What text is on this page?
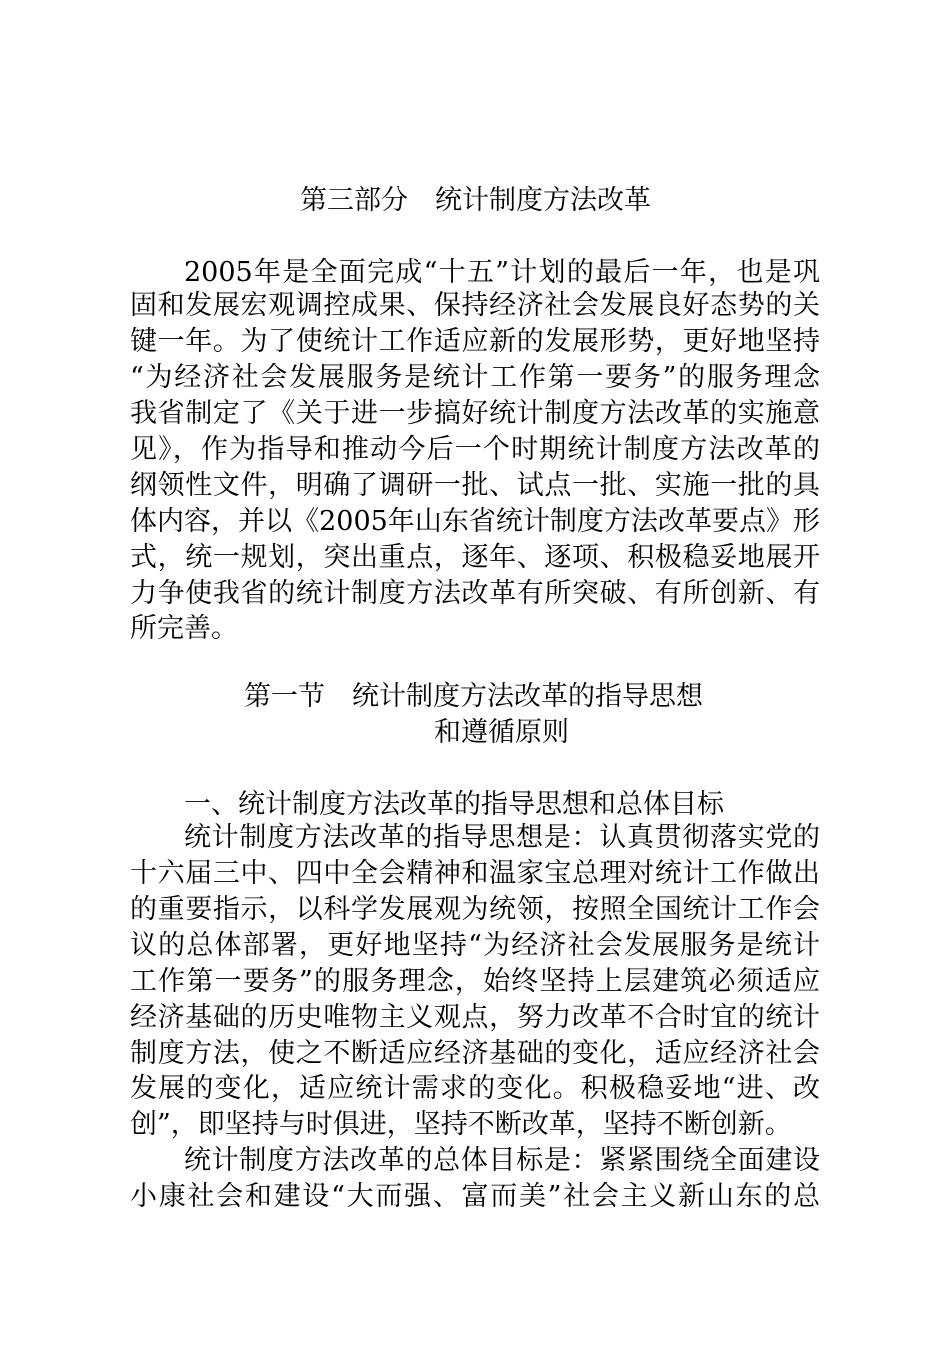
第三部分　统计制度方法改革
2005年是全面完成“十五”计划的最后一年，也是巩
固和发展宏观调控成果、保持经济社会发展良好态势的关
键一年。为了使统计工作适应新的发展形势，更好地坚持
“为经济社会发展服务是统计工作第一要务”的服务理念
我省制定了《关于进一步搞好统计制度方法改革的实施意
见》，作为指导和推动今后一个时期统计制度方法改革的
纲领性文件，明确了调研一批、试点一批、实施一批的具
体内容，并以《2005年山东省统计制度方法改革要点》形
式，统一规划，突出重点，逐年、逐项、积极稳妥地展开
力争使我省的统计制度方法改革有所突破、有所创新、有
所完善。
第一节　统计制度方法改革的指导思想
和遵循原则
一、统计制度方法改革的指导思想和总体目标
统计制度方法改革的指导思想是：认真贯彻落实党的
十六届三中、四中全会精神和温家宝总理对统计工作做出
的重要指示，以科学发展观为统领，按照全国统计工作会
议的总体部署，更好地坚持“为经济社会发展服务是统计
工作第一要务”的服务理念，始终坚持上层建筑必须适应
经济基础的历史唯物主义观点，努力改革不合时宜的统计
制度方法，使之不断适应经济基础的变化，适应经济社会
发展的变化，适应统计需求的变化。积极稳妥地“进、改
创”，即坚持与时俱进，坚持不断改革，坚持不断创新。
统计制度方法改革的总体目标是：紧紧围绕全面建设
小康社会和建设“大而强、富而美”社会主义新山东的总
